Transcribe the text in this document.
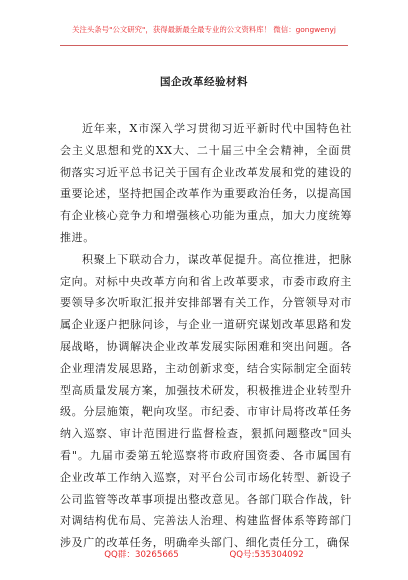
关注头条号"公文研究"，获得最新最全最专业的公文资料库！ 微信：gongwenyj
国企改革经验材料

近年来，X市深入学习贯彻习近平新时代中国特色社会主义思想和党的XX大、二十届三中全会精神，全面贯彻落实习近平总书记关于国有企业改革发展和党的建设的重要论述，坚持把国企改革作为重要政治任务，以提高国有企业核心竞争力和增强核心功能为重点，加大力度统筹推进。

积聚上下联动合力，谋改革促提升。高位推进，把脉定向。对标中央改革方向和省上改革要求，市委市政府主要领导多次听取汇报并安排部署有关工作，分管领导对市属企业逐户把脉问诊，与企业一道研究谋划改革思路和发展战略，协调解决企业改革发展实际困难和突出问题。各企业理清发展思路，主动创新求变，结合实际制定全面转型高质量发展方案，加强技术研发，积极推进企业转型升级。分层施策，靶向攻坚。市纪委、市审计局将改革任务纳入巡察、审计范围进行监督检查，狠抓问题整改"回头看"。九届市委第五轮巡察将市政府国资委、各市属国有企业改革工作纳入巡察，对平台公司市场化转型、新设子公司监管等改革事项提出整改意见。各部门联合作战，针对调结构优布局、完善法人治理、构建监督体系等跨部门涉及广的改革任务，明确牵头部门、细化责任分工，确保

QQ群：30265665	QQ号:535304092
